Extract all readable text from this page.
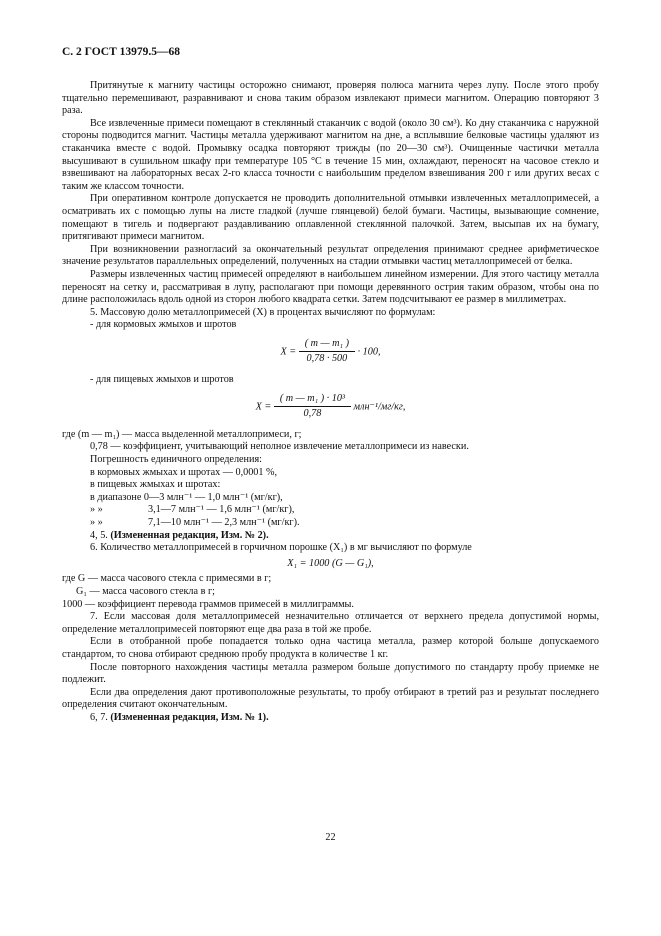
С. 2 ГОСТ 13979.5—68

Притянутые к магниту частицы осторожно снимают, проверяя полюса магнита через лупу. После этого пробу тщательно перемешивают, разравнивают и снова таким образом извлекают примеси магнитом. Операцию повторяют 3 раза.

Все извлеченные примеси помещают в стеклянный стаканчик с водой (около 30 см³). Ко дну стаканчика с наружной стороны подводится магнит. Частицы металла удерживают магнитом на дне, а всплывшие белковые частицы удаляют из стаканчика вместе с водой. Промывку осадка повторяют трижды (по 20—30 см³). Очищенные частички металла высушивают в сушильном шкафу при температуре 105 °С в течение 15 мин, охлаждают, переносят на часовое стекло и взвешивают на лабораторных весах 2-го класса точности с наибольшим пределом взвешивания 200 г или других весах с таким же классом точности.

При оперативном контроле допускается не проводить дополнительной отмывки извлеченных металлопримесей, а осматривать их с помощью лупы на листе гладкой (лучше глянцевой) белой бумаги. Частицы, вызывающие сомнение, помещают в тигель и подвергают раздавливанию оплавленной стеклянной палочкой. Затем, высыпав их на бумагу, притягивают примеси магнитом.

При возникновении разногласий за окончательный результат определения принимают среднее арифметическое значение результатов параллельных определений, полученных на стадии отмывки частиц металлопримесей от белка.

Размеры извлеченных частиц примесей определяют в наибольшем линейном измерении. Для этого частицу металла переносят на сетку и, рассматривая в лупу, располагают при помощи деревянного острия таким образом, чтобы она по длине расположилась вдоль одной из сторон любого квадрата сетки. Затем подсчитывают ее размер в миллиметрах.

5. Массовую долю металлопримесей (X) в процентах вычисляют по формулам:

- для кормовых жмыхов и шротов

$X = \frac{\text{( m — m₁ )}}{0,78 \cdot 500} \cdot 100$,

- для пищевых жмыхов и шротов

$X = \frac{\text{( m — m₁ ) · 10³}}{0,78} млн^{-1}/мг/кг$,

где (m — m₁) — масса выделенной металлопримеси, г;

0,78 — коэффициент, учитывающий неполное извлечение металлопримеси из навески.

Погрешность единичного определения:

в кормовых жмыхах и шротах — 0,0001 %,

в пищевых жмыхах и шротах:

в диапазоне 0—3 млн⁻¹ — 1,0 млн⁻¹ (мг/кг),

» »	3,1—7 млн⁻¹ — 1,6 млн⁻¹ (мг/кг),

» »	7,1—10 млн⁻¹ — 2,3 млн⁻¹ (мг/кг).

4, 5. (Измененная редакция, Изм. № 2).

6. Количество металлопримесей в горчичном порошке (X₁) в мг вычисляют по формуле

X₁ = 1000 (G — G₁),

где G — масса часового стекла с примесями в г;

G₁ — масса часового стекла в г;

1000 — коэффициент перевода граммов примесей в миллиграммы.

7. Если массовая доля металлопримесей незначительно отличается от верхнего предела допустимой нормы, определение металлопримесей повторяют еще два раза в той же пробе.

Если в отобранной пробе попадается только одна частица металла, размер которой больше допускаемого стандартом, то снова отбирают среднюю пробу продукта в количестве 1 кг.

После повторного нахождения частицы металла размером больше допустимого по стандарту пробу приемке не подлежит.

Если два определения дают противоположные результаты, то пробу отбирают в третий раз и результат последнего определения считают окончательным.

6, 7. (Измененная редакция, Изм. № 1).

22
